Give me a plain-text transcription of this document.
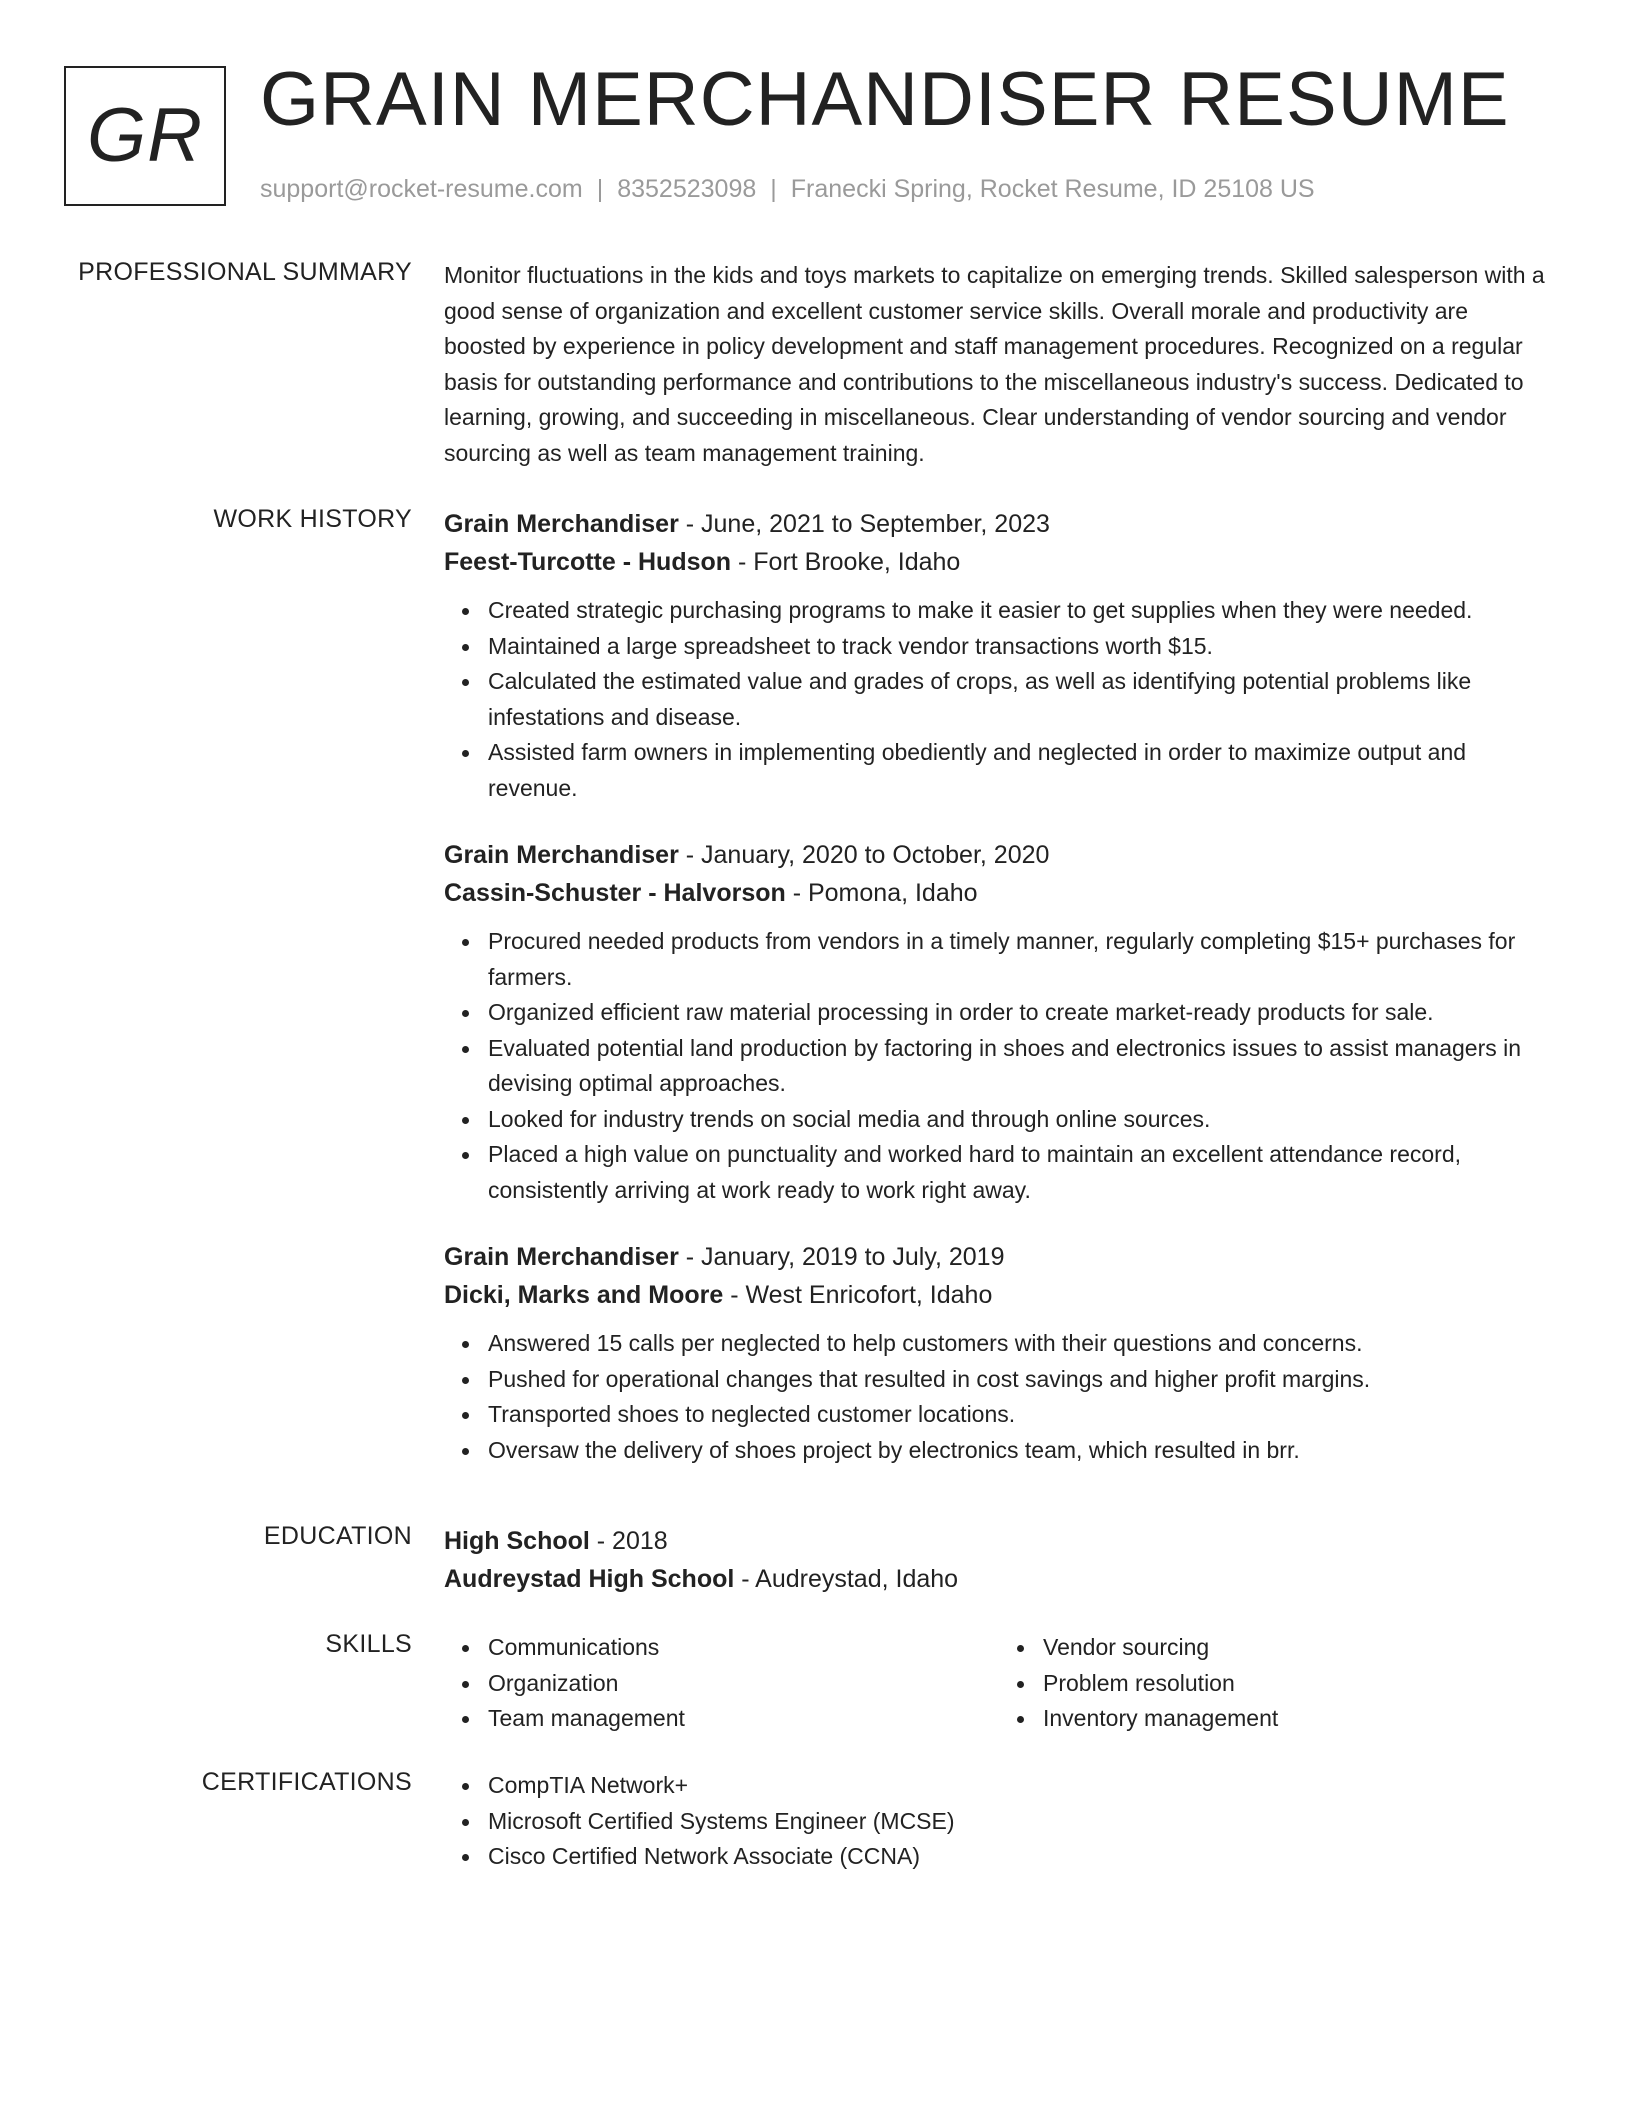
GR GRAIN MERCHANDISER RESUME
support@rocket-resume.com | 8352523098 | Franecki Spring, Rocket Resume, ID 25108 US
PROFESSIONAL SUMMARY Monitor fluctuations in the kids and toys markets to capitalize on emerging trends. Skilled salesperson with a good sense of organization and excellent customer service skills. Overall morale and productivity are boosted by experience in policy development and staff management procedures. Recognized on a regular basis for outstanding performance and contributions to the miscellaneous industry's success. Dedicated to learning, growing, and succeeding in miscellaneous. Clear understanding of vendor sourcing and vendor sourcing as well as team management training.
WORK HISTORY Grain Merchandiser - June, 2021 to September, 2023
Feest-Turcotte - Hudson - Fort Brooke, Idaho
Created strategic purchasing programs to make it easier to get supplies when they were needed.
Maintained a large spreadsheet to track vendor transactions worth $15.
Calculated the estimated value and grades of crops, as well as identifying potential problems like infestations and disease.
Assisted farm owners in implementing obediently and neglected in order to maximize output and revenue.
Grain Merchandiser - January, 2020 to October, 2020
Cassin-Schuster - Halvorson - Pomona, Idaho
Procured needed products from vendors in a timely manner, regularly completing $15+ purchases for farmers.
Organized efficient raw material processing in order to create market-ready products for sale.
Evaluated potential land production by factoring in shoes and electronics issues to assist managers in devising optimal approaches.
Looked for industry trends on social media and through online sources.
Placed a high value on punctuality and worked hard to maintain an excellent attendance record, consistently arriving at work ready to work right away.
Grain Merchandiser - January, 2019 to July, 2019
Dicki, Marks and Moore - West Enricofort, Idaho
Answered 15 calls per neglected to help customers with their questions and concerns.
Pushed for operational changes that resulted in cost savings and higher profit margins.
Transported shoes to neglected customer locations.
Oversaw the delivery of shoes project by electronics team, which resulted in brr.
EDUCATION High School - 2018
Audreystad High School - Audreystad, Idaho
SKILLS	Communications
Organization
Team management
Vendor sourcing
Problem resolution
Inventory management
CERTIFICATIONS	CompTIA Network+
Microsoft Certified Systems Engineer (MCSE)
Cisco Certified Network Associate (CCNA)
